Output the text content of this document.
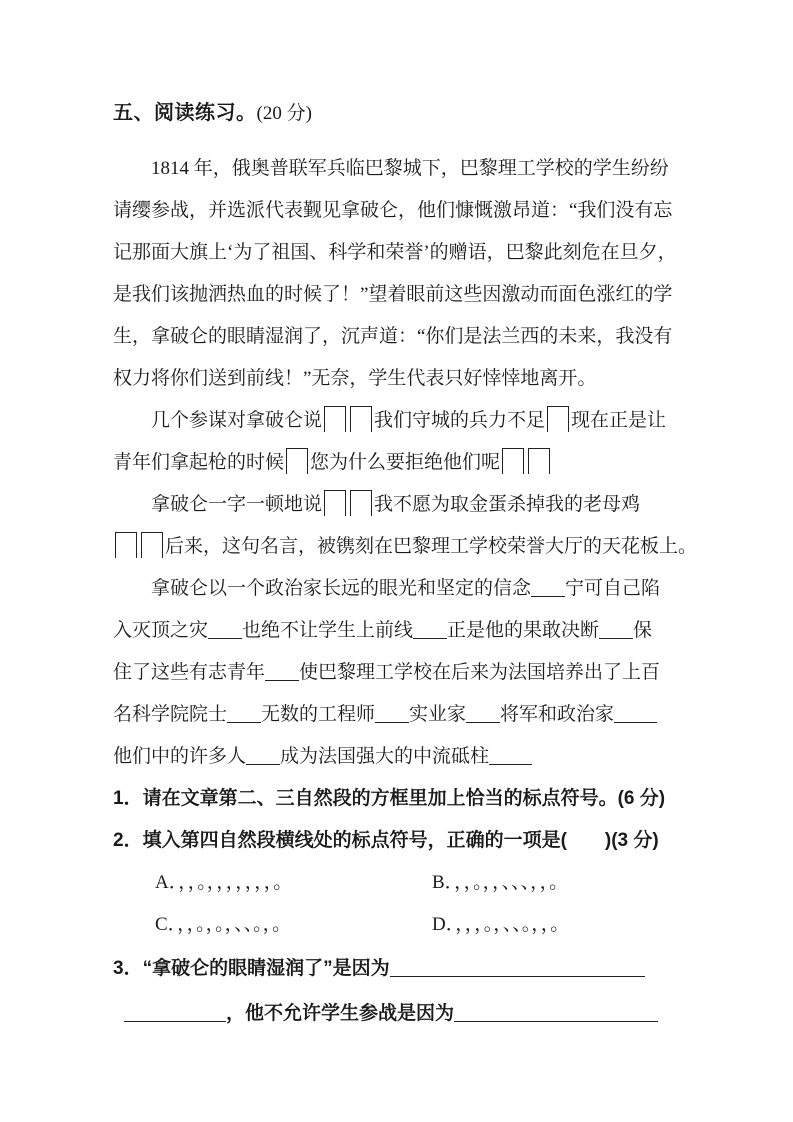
五、阅读练习。(20 分)
1814 年，俄奥普联军兵临巴黎城下，巴黎理工学校的学生纷纷
请缨参战，并选派代表觐见拿破仑，他们慷慨激昂道：“我们没有忘
记那面大旗上‘为了祖国、科学和荣誉’的赠语，巴黎此刻危在旦夕，
是我们该抛洒热血的时候了！”望着眼前这些因激动而面色涨红的学
生，拿破仑的眼睛湿润了，沉声道：“你们是法兰西的未来，我没有
权力将你们送到前线！”无奈，学生代表只好悻悻地离开。
几个参谋对拿破仑说	我们守城的兵力不足 现在正是让
青年们拿起枪的时候 您为什么要拒绝他们呢
拿破仑一字一顿地说	我不愿为取金蛋杀掉我的老母鸡
后来，这句名言，被镌刻在巴黎理工学校荣誉大厅的天花板上。
拿破仑以一个政治家长远的眼光和坚定的信念 宁可自己陷
入灭顶之灾 也绝不让学生上前线 正是他的果敢决断 保
住了这些有志青年 使巴黎理工学校在后来为法国培养出了上百
名科学院院士 无数的工程师 实业家 将军和政治家
他们中的许多人 成为法国强大的中流砥柱
1．请在文章第二、三自然段的方框里加上恰当的标点符号。(6 分)
2．填入第四自然段横线处的标点符号，正确的一项是(　　)(3 分)
A．，，。，，，，，，，。	B．，，。，，、、、，，。
C．，，。，。，、、。，。	D．，，，。，、、。，，。
3．“拿破仑的眼睛湿润了”是因为
，他不允许学生参战是因为
